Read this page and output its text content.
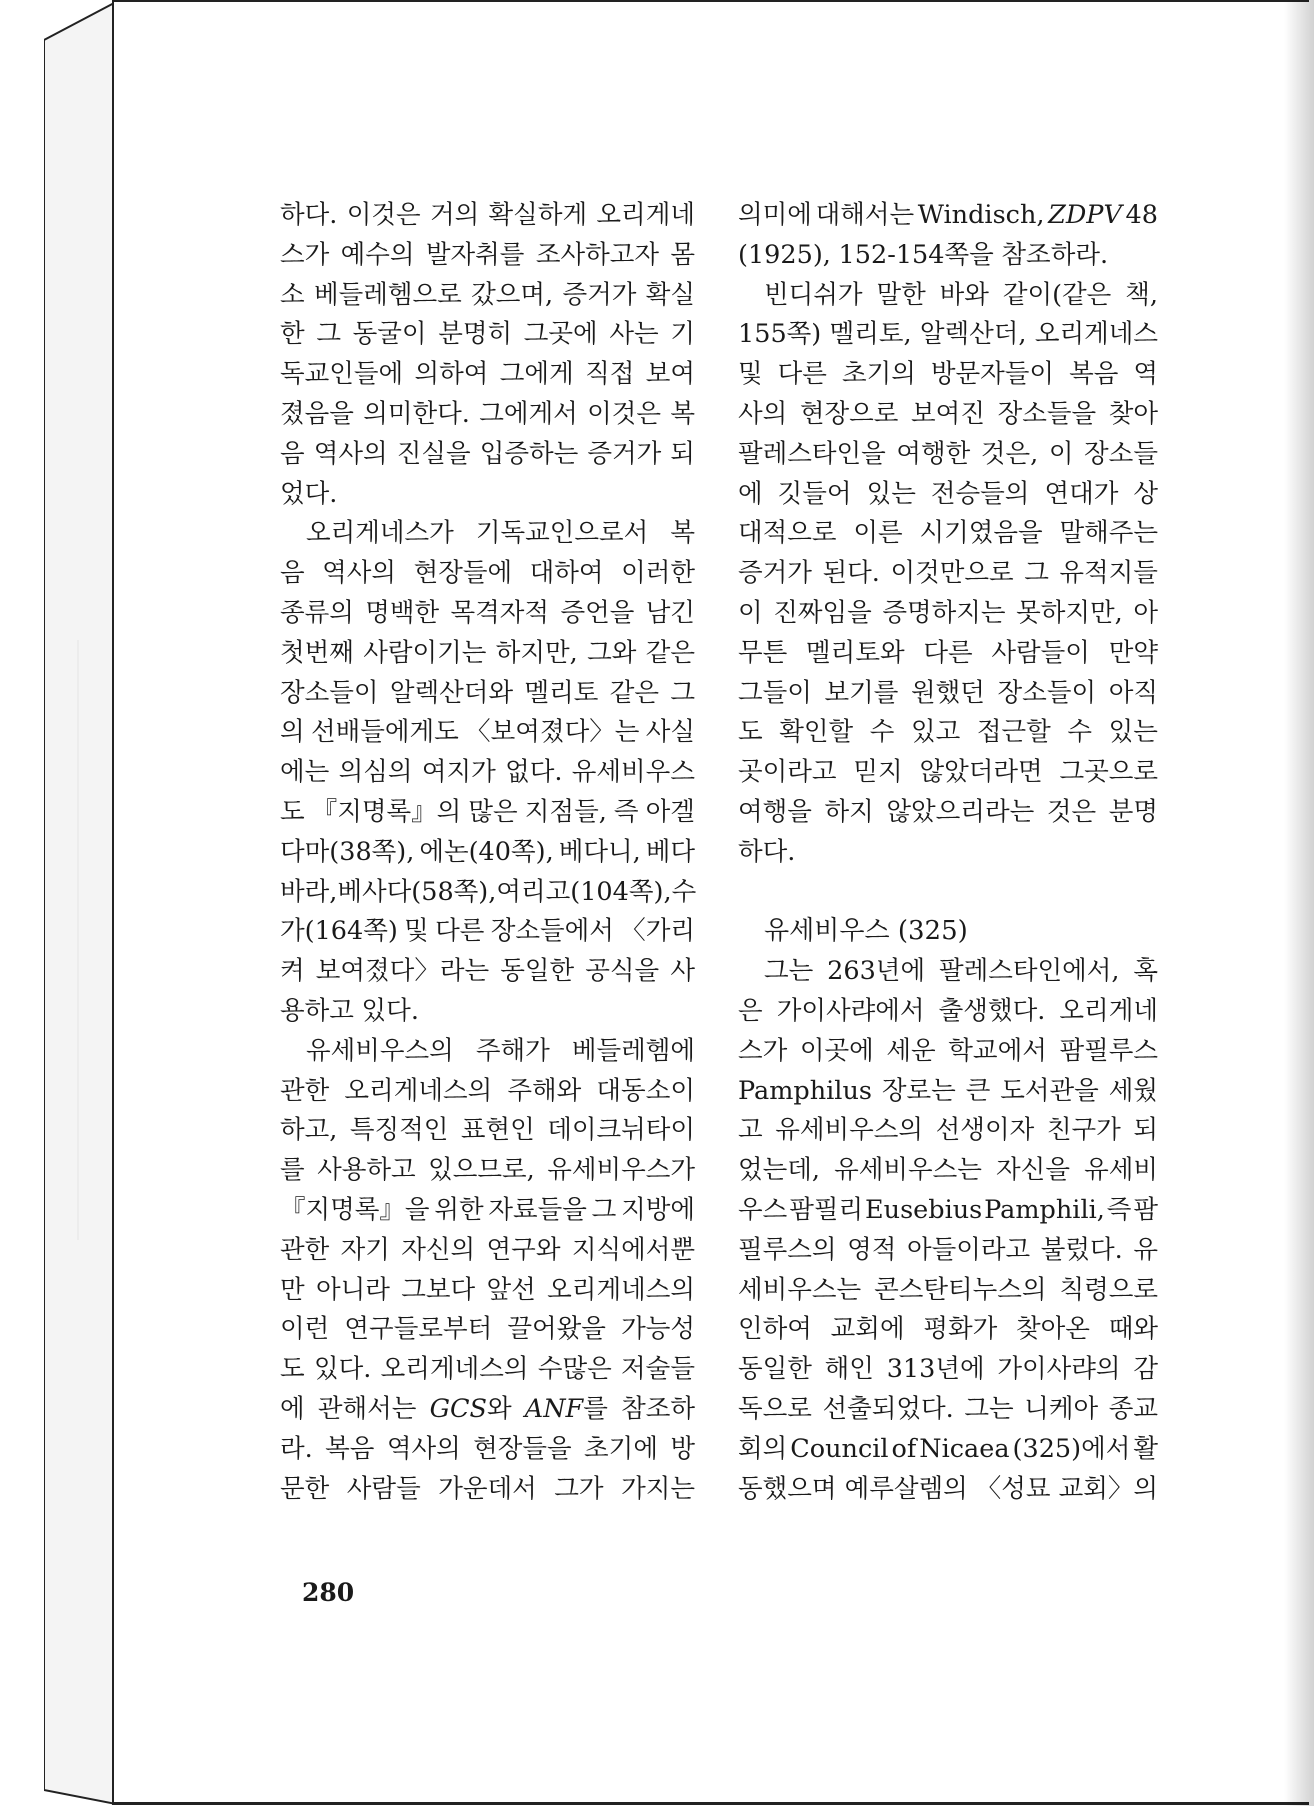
하다. 이것은 거의 확실하게 오리게네
스가 예수의 발자취를 조사하고자 몸
소 베들레헴으로 갔으며, 증거가 확실
한 그 동굴이 분명히 그곳에 사는 기
독교인들에 의하여 그에게 직접 보여
졌음을 의미한다. 그에게서 이것은 복
음 역사의 진실을 입증하는 증거가 되
었다.
오리게네스가 기독교인으로서 복
음 역사의 현장들에 대하여 이러한
종류의 명백한 목격자적 증언을 남긴
첫번째 사람이기는 하지만, 그와 같은
장소들이 알렉산더와 멜리토 같은 그
의 선배들에게도 〈보여졌다〉는 사실
에는 의심의 여지가 없다. 유세비우스
도 『지명록』의 많은 지점들, 즉 아겔
다마(38쪽), 에논(40쪽), 베다니, 베다
바라, 베사다(58쪽), 여리고(104쪽), 수
가(164쪽) 및 다른 장소들에서 〈가리
켜 보여졌다〉라는 동일한 공식을 사
용하고 있다.
유세비우스의 주해가 베들레헴에
관한 오리게네스의 주해와 대동소이
하고, 특징적인 표현인 데이크뉘타이
를 사용하고 있으므로, 유세비우스가
『지명록』을 위한 자료들을 그 지방에
관한 자기 자신의 연구와 지식에서뿐
만 아니라 그보다 앞선 오리게네스의
이런 연구들로부터 끌어왔을 가능성
도 있다. 오리게네스의 수많은 저술들
에 관해서는 GCS와 ANF를 참조하
라. 복음 역사의 현장들을 초기에 방
문한 사람들 가운데서 그가 가지는
의미에 대해서는 Windisch, ZDPV 48
(1925), 152-154쪽을 참조하라.
빈디쉬가 말한 바와 같이(같은 책,
155쪽) 멜리토, 알렉산더, 오리게네스
및 다른 초기의 방문자들이 복음 역
사의 현장으로 보여진 장소들을 찾아
팔레스타인을 여행한 것은, 이 장소들
에 깃들어 있는 전승들의 연대가 상
대적으로 이른 시기였음을 말해주는
증거가 된다. 이것만으로 그 유적지들
이 진짜임을 증명하지는 못하지만, 아
무튼 멜리토와 다른 사람들이 만약
그들이 보기를 원했던 장소들이 아직
도 확인할 수 있고 접근할 수 있는
곳이라고 믿지 않았더라면 그곳으로
여행을 하지 않았으리라는 것은 분명
하다.
유세비우스 (325)
그는 263년에 팔레스타인에서, 혹
은 가이사랴에서 출생했다. 오리게네
스가 이곳에 세운 학교에서 팜필루스
Pamphilus 장로는 큰 도서관을 세웠
고 유세비우스의 선생이자 친구가 되
었는데, 유세비우스는 자신을 유세비
우스 팜필리 Eusebius Pamphili, 즉 팜
필루스의 영적 아들이라고 불렀다. 유
세비우스는 콘스탄티누스의 칙령으로
인하여 교회에 평화가 찾아온 때와
동일한 해인 313년에 가이사랴의 감
독으로 선출되었다. 그는 니케아 종교
회의 Council of Nicaea (325)에서 활
동했으며 예루살렘의 〈성묘 교회〉의
280
